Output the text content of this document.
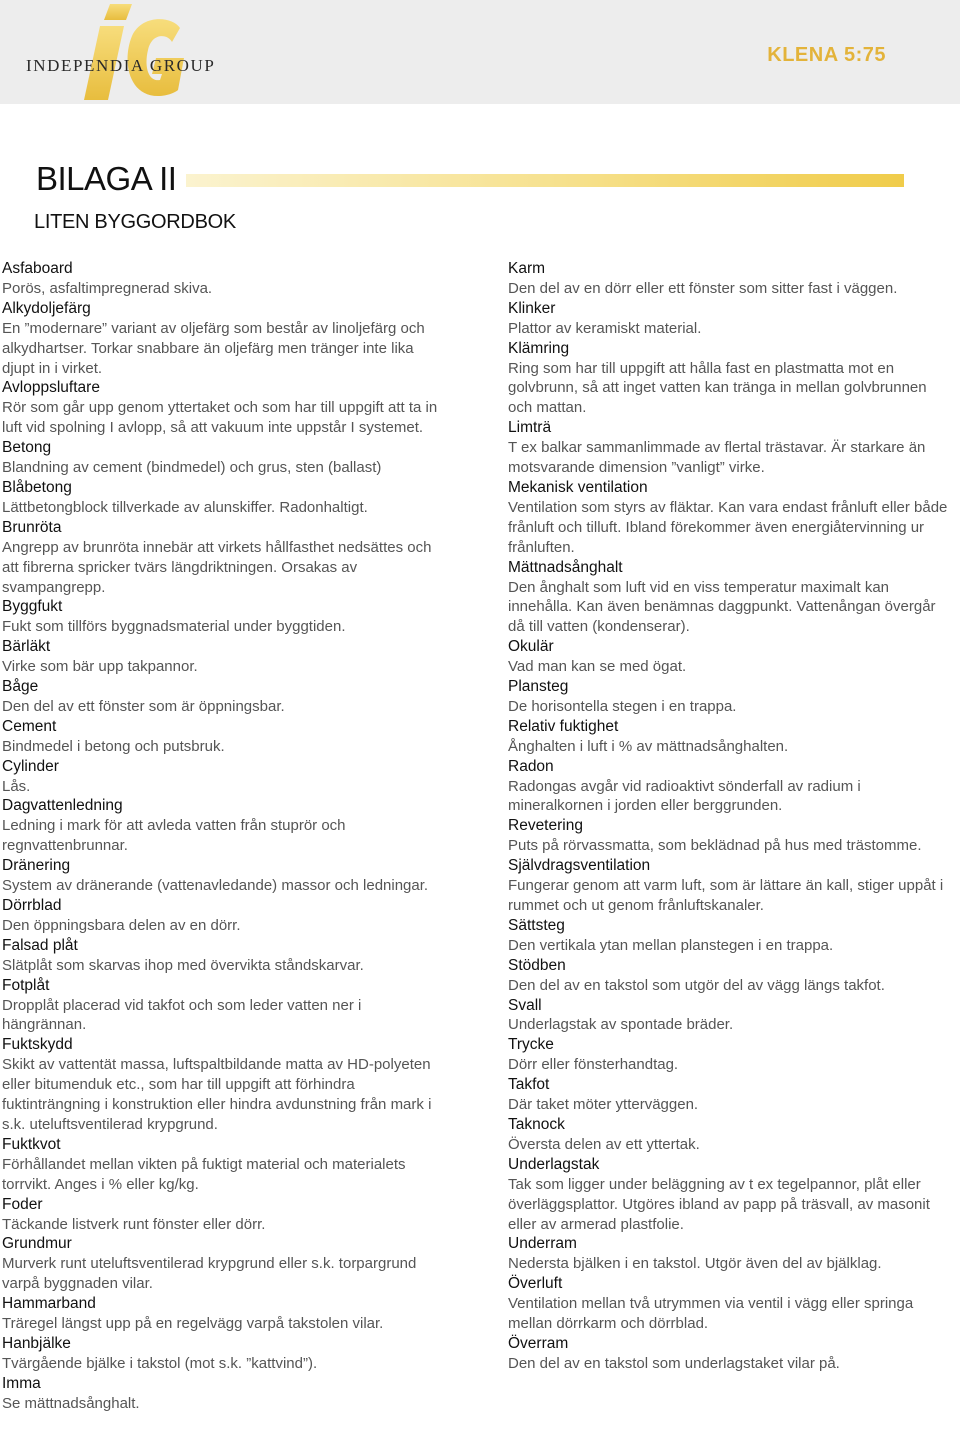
INDEPENDIA GROUP	KLENA 5:75
BILAGA II
LITEN BYGGORDBOK
Asfaboard
Porös, asfaltimpregnerad skiva.
Alkydoljefärg
En ”modernare” variant av oljefärg som består av linoljefärg och alkydhartser. Torkar snabbare än oljefärg men tränger inte lika djupt in i virket.
Avloppsluftare
Rör som går upp genom yttertaket och som har till uppgift att ta in luft vid spolning I avlopp, så att vakuum inte uppstår I systemet.
Betong
Blandning av cement (bindmedel) och grus, sten (ballast)
Blåbetong
Lättbetongblock tillverkade av alunskiffer. Radonhaltigt.
Brunröta
Angrepp av brunröta innebär att virkets hållfasthet nedsättes och att fibrerna spricker tvärs längdriktningen. Orsakas av svampangrepp.
Byggfukt
Fukt som tillförs byggnadsmaterial under byggtiden.
Bärläkt
Virke som bär upp takpannor.
Båge
Den del av ett fönster som är öppningsbar.
Cement
Bindmedel i betong och putsbruk.
Cylinder
Lås.
Dagvattenledning
Ledning i mark för att avleda vatten från stuprör och regnvattenbrunnar.
Dränering
System av dränerande (vattenavledande) massor och ledningar.
Dörrblad
Den öppningsbara delen av en dörr.
Falsad plåt
Slätplåt som skarvas ihop med övervikta ståndskarvar.
Fotplåt
Dropplåt placerad vid takfot och som leder vatten ner i hängrännan.
Fuktskydd
Skikt av vattentät massa, luftspaltbildande matta av HD-polyeten eller bitumenduk etc., som har till uppgift att förhindra fuktinträngning i konstruktion eller hindra avdunstning från mark i s.k. uteluftsventilerad krypgrund.
Fuktkvot
Förhållandet mellan vikten på fuktigt material och materialets torrvikt. Anges i % eller kg/kg.
Foder
Täckande listverk runt fönster eller dörr.
Grundmur
Murverk runt uteluftsventilerad krypgrund eller s.k. torpargrund varpå byggnaden vilar.
Hammarband
Träregel längst upp på en regelvägg varpå takstolen vilar.
Hanbjälke
Tvärgående bjälke i takstol (mot s.k. ”kattvind”).
Imma
Se mättnadsånghalt.
Karm
Den del av en dörr eller ett fönster som sitter fast i väggen.
Klinker
Plattor av keramiskt material.
Klämring
Ring som har till uppgift att hålla fast en plastmatta mot en golvbrunn, så att inget vatten kan tränga in mellan golvbrunnen och mattan.
Limträ
T ex balkar sammanlimmade av flertal trästavar. Är starkare än motsvarande dimension ”vanligt” virke.
Mekanisk ventilation
Ventilation som styrs av fläktar. Kan vara endast frånluft eller både frånluft och tilluft. Ibland förekommer även energiåtervinning ur frånluften.
Mättnadsånghalt
Den ånghalt som luft vid en viss temperatur maximalt kan innehålla. Kan även benämnas daggpunkt. Vattenångan övergår då till vatten (kondenserar).
Okulär
Vad man kan se med ögat.
Plansteg
De horisontella stegen i en trappa.
Relativ fuktighet
Ånghalten i luft i % av mättnadsånghalten.
Radon
Radongas avgår vid radioaktivt sönderfall av radium i mineralkornen i jorden eller berggrunden.
Revetering
Puts på rörvassmatta, som beklädnad på hus med trästomme.
Självdragsventilation
Fungerar genom att varm luft, som är lättare än kall, stiger uppåt i rummet och ut genom frånluftskanaler.
Sättsteg
Den vertikala ytan mellan planstegen i en trappa.
Stödben
Den del av en takstol som utgör del av vägg längs takfot.
Svall
Underlagstak av spontade bräder.
Trycke
Dörr eller fönsterhandtag.
Takfot
Där taket möter ytterväggen.
Taknock
Översta delen av ett yttertak.
Underlagstak
Tak som ligger under beläggning av t ex tegelpannor, plåt eller överläggsplattor. Utgöres ibland av papp på träsvall, av masonit eller av armerad plastfolie.
Underram
Nedersta bjälken i en takstol. Utgör även del av bjälklag.
Överluft
Ventilation mellan två utrymmen via ventil i vägg eller springa mellan dörrkarm och dörrblad.
Överram
Den del av en takstol som underlagstaket vilar på.
